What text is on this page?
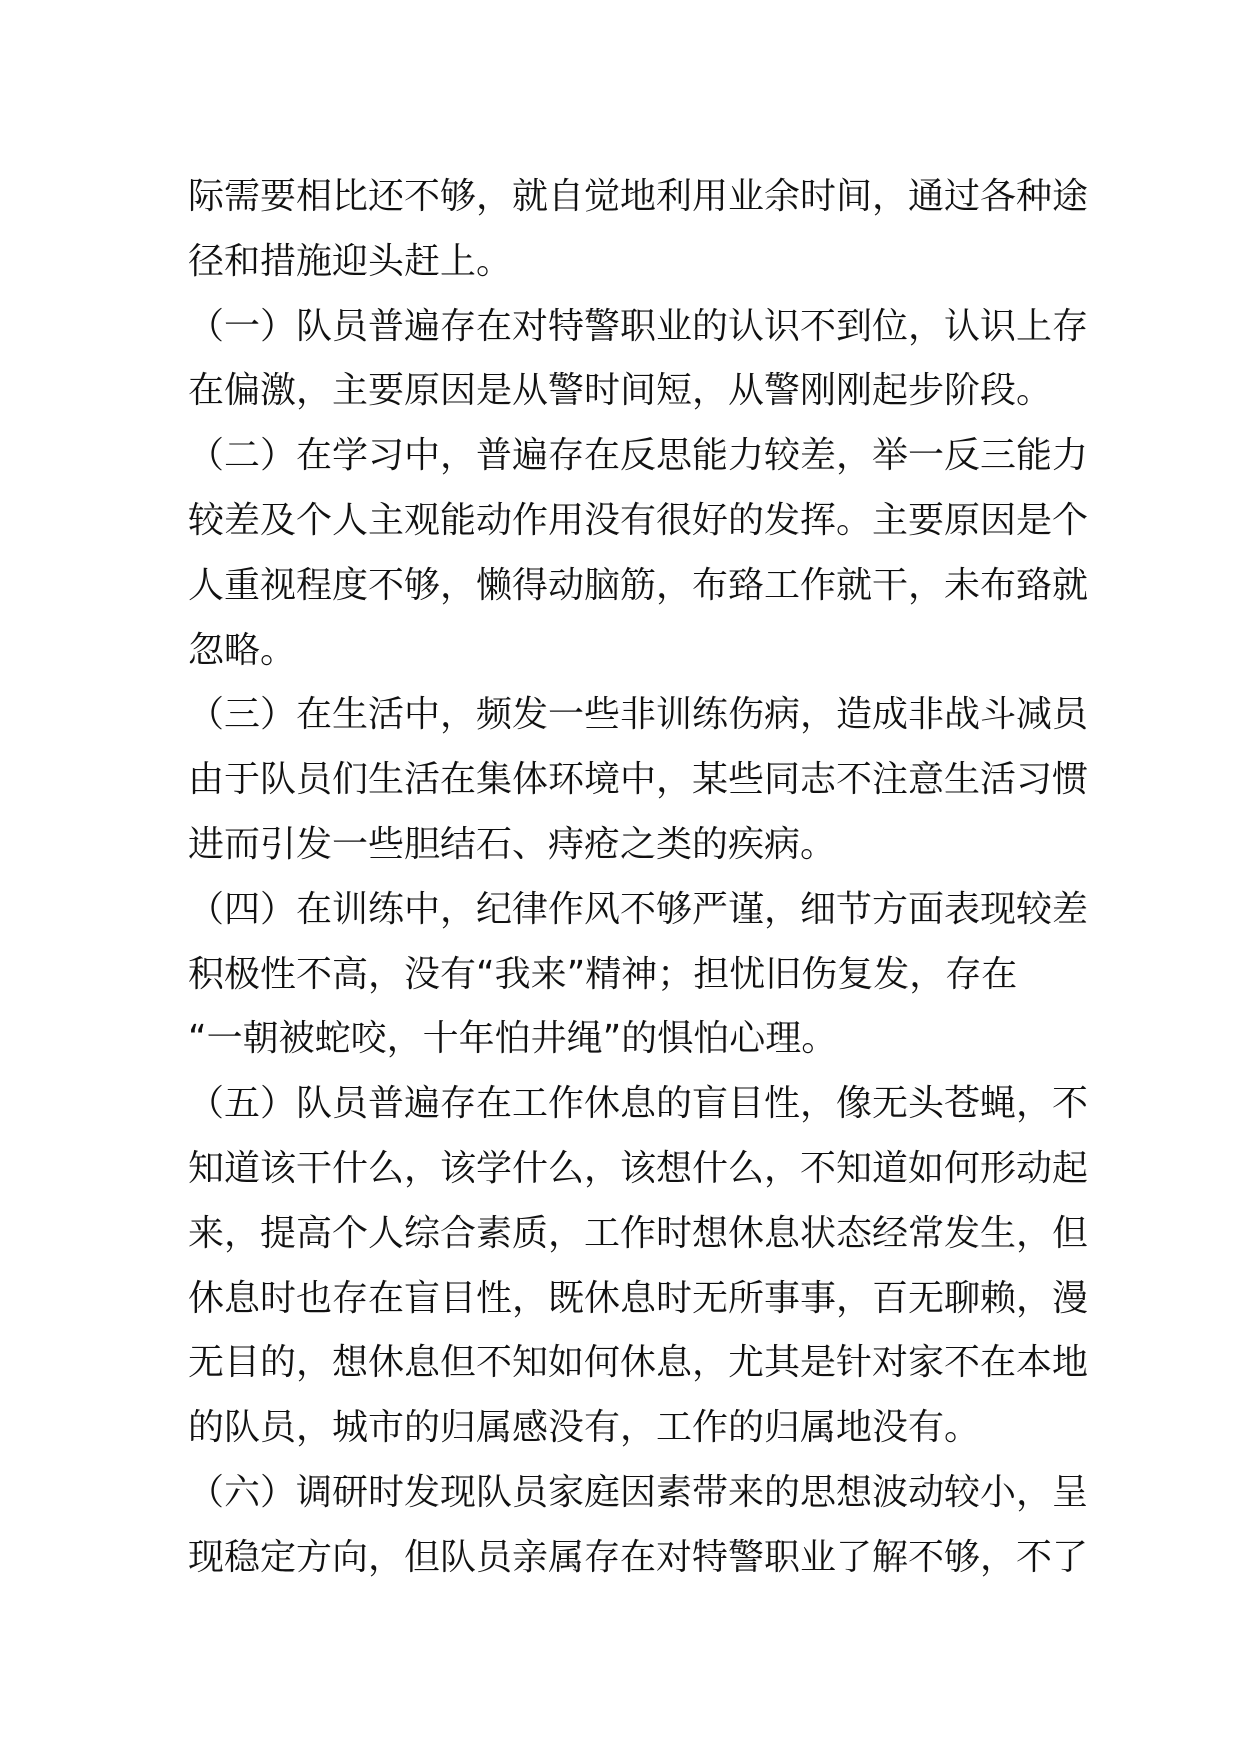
际需要相比还不够，就自觉地利用业余时间，通过各种途
径和措施迎头赶上。
（一）队员普遍存在对特警职业的认识不到位，认识上存
在偏激，主要原因是从警时间短，从警刚刚起步阶段。
（二）在学习中，普遍存在反思能力较差，举一反三能力
较差及个人主观能动作用没有很好的发挥。主要原因是个
人重视程度不够，懒得动脑筋，布臵工作就干，未布臵就
忽略。
（三）在生活中，频发一些非训练伤病，造成非战斗减员
由于队员们生活在集体环境中，某些同志不注意生活习惯
进而引发一些胆结石、痔疮之类的疾病。
（四）在训练中，纪律作风不够严谨，细节方面表现较差
积极性不高，没有“我来”精神；担忧旧伤复发，存在
“一朝被蛇咬，十年怕井绳”的惧怕心理。
（五）队员普遍存在工作休息的盲目性，像无头苍蝇，不
知道该干什么，该学什么，该想什么，不知道如何形动起
来，提高个人综合素质，工作时想休息状态经常发生，但
休息时也存在盲目性，既休息时无所事事，百无聊赖，漫
无目的，想休息但不知如何休息，尤其是针对家不在本地
的队员，城市的归属感没有，工作的归属地没有。
（六）调研时发现队员家庭因素带来的思想波动较小，呈
现稳定方向，但队员亲属存在对特警职业了解不够，不了
